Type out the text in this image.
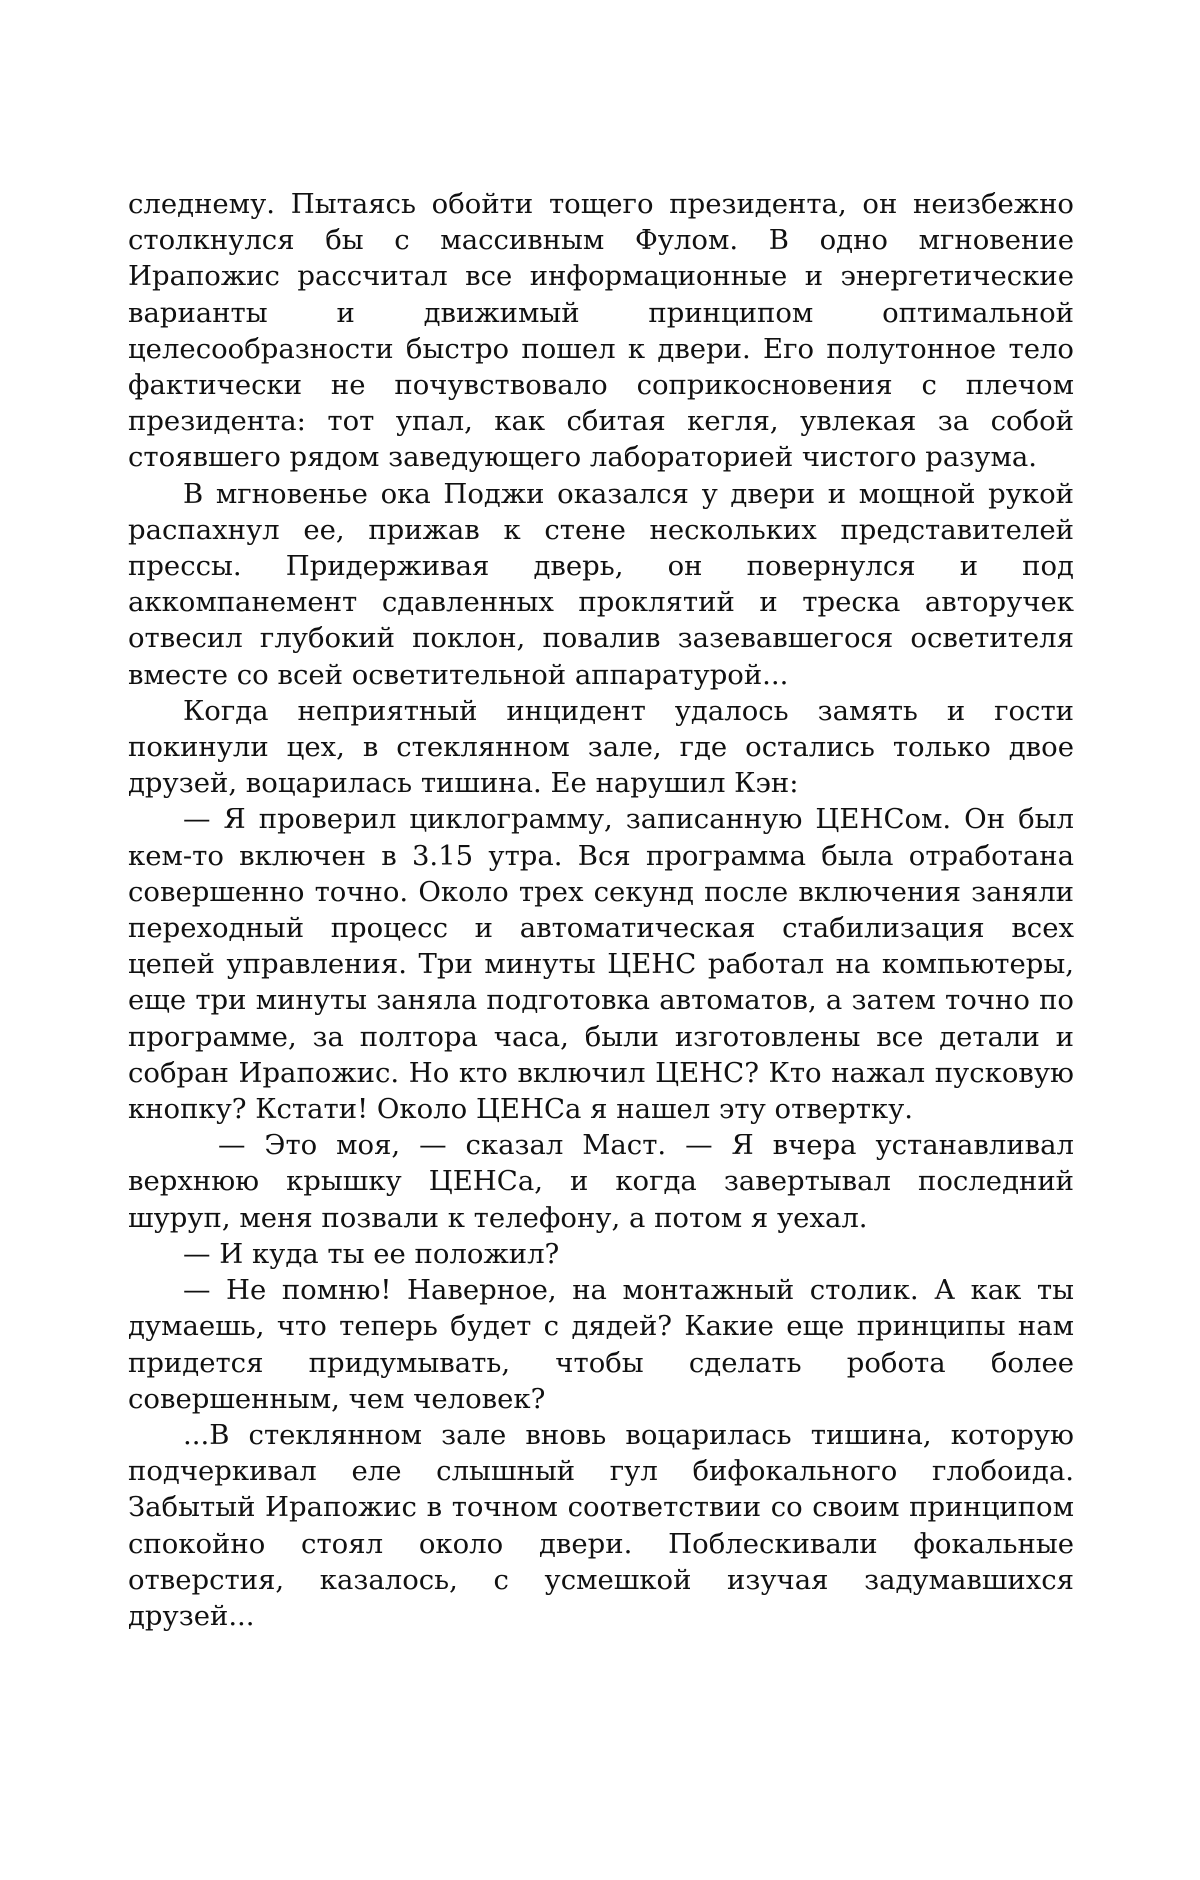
следнему. Пытаясь обойти тощего президента, он неизбежно столкнулся бы с массивным Фулом. В одно мгновение Ирапожис рассчитал все информационные и энергетические варианты и движимый принципом оптимальной целесообразности быстро пошел к двери. Его полутонное тело фактически не почувствовало соприкосновения с плечом президента: тот упал, как сбитая кегля, увлекая за собой стоявшего рядом заведующего лабораторией чистого разума.

В мгновенье ока Поджи оказался у двери и мощной рукой распахнул ее, прижав к стене нескольких представителей прессы. Придерживая дверь, он повернулся и под аккомпанемент сдавленных проклятий и треска авторучек отвесил глубокий поклон, повалив зазевавшегося осветителя вместе со всей осветительной аппаратурой...

Когда неприятный инцидент удалось замять и гости покинули цех, в стеклянном зале, где остались только двое друзей, воцарилась тишина. Ее нарушил Кэн:

— Я проверил циклограмму, записанную ЦЕНСом. Он был кем-то включен в 3.15 утра. Вся программа была отработана совершенно точно. Около трех секунд после включения заняли переходный процесс и автоматическая стабилизация всех цепей управления. Три минуты ЦЕНС работал на компьютеры, еще три минуты заняла подготовка автоматов, а затем точно по программе, за полтора часа, были изготовлены все детали и собран Ирапожис. Но кто включил ЦЕНС? Кто нажал пусковую кнопку? Кстати! Около ЦЕНСа я нашел эту отвертку.

— Это моя, — сказал Маст. — Я вчера устанавливал верхнюю крышку ЦЕНСа, и когда завертывал последний шуруп, меня позвали к телефону, а потом я уехал.

— И куда ты ее положил?

— Не помню! Наверное, на монтажный столик. А как ты думаешь, что теперь будет с дядей? Какие еще принципы нам придется придумывать, чтобы сделать робота более совершенным, чем человек?

...В стеклянном зале вновь воцарилась тишина, которую подчеркивал еле слышный гул бифокального глобоида. Забытый Ирапожис в точном соответствии со своим принципом спокойно стоял около двери. Поблескивали фокальные отверстия, казалось, с усмешкой изучая задумавшихся друзей...
